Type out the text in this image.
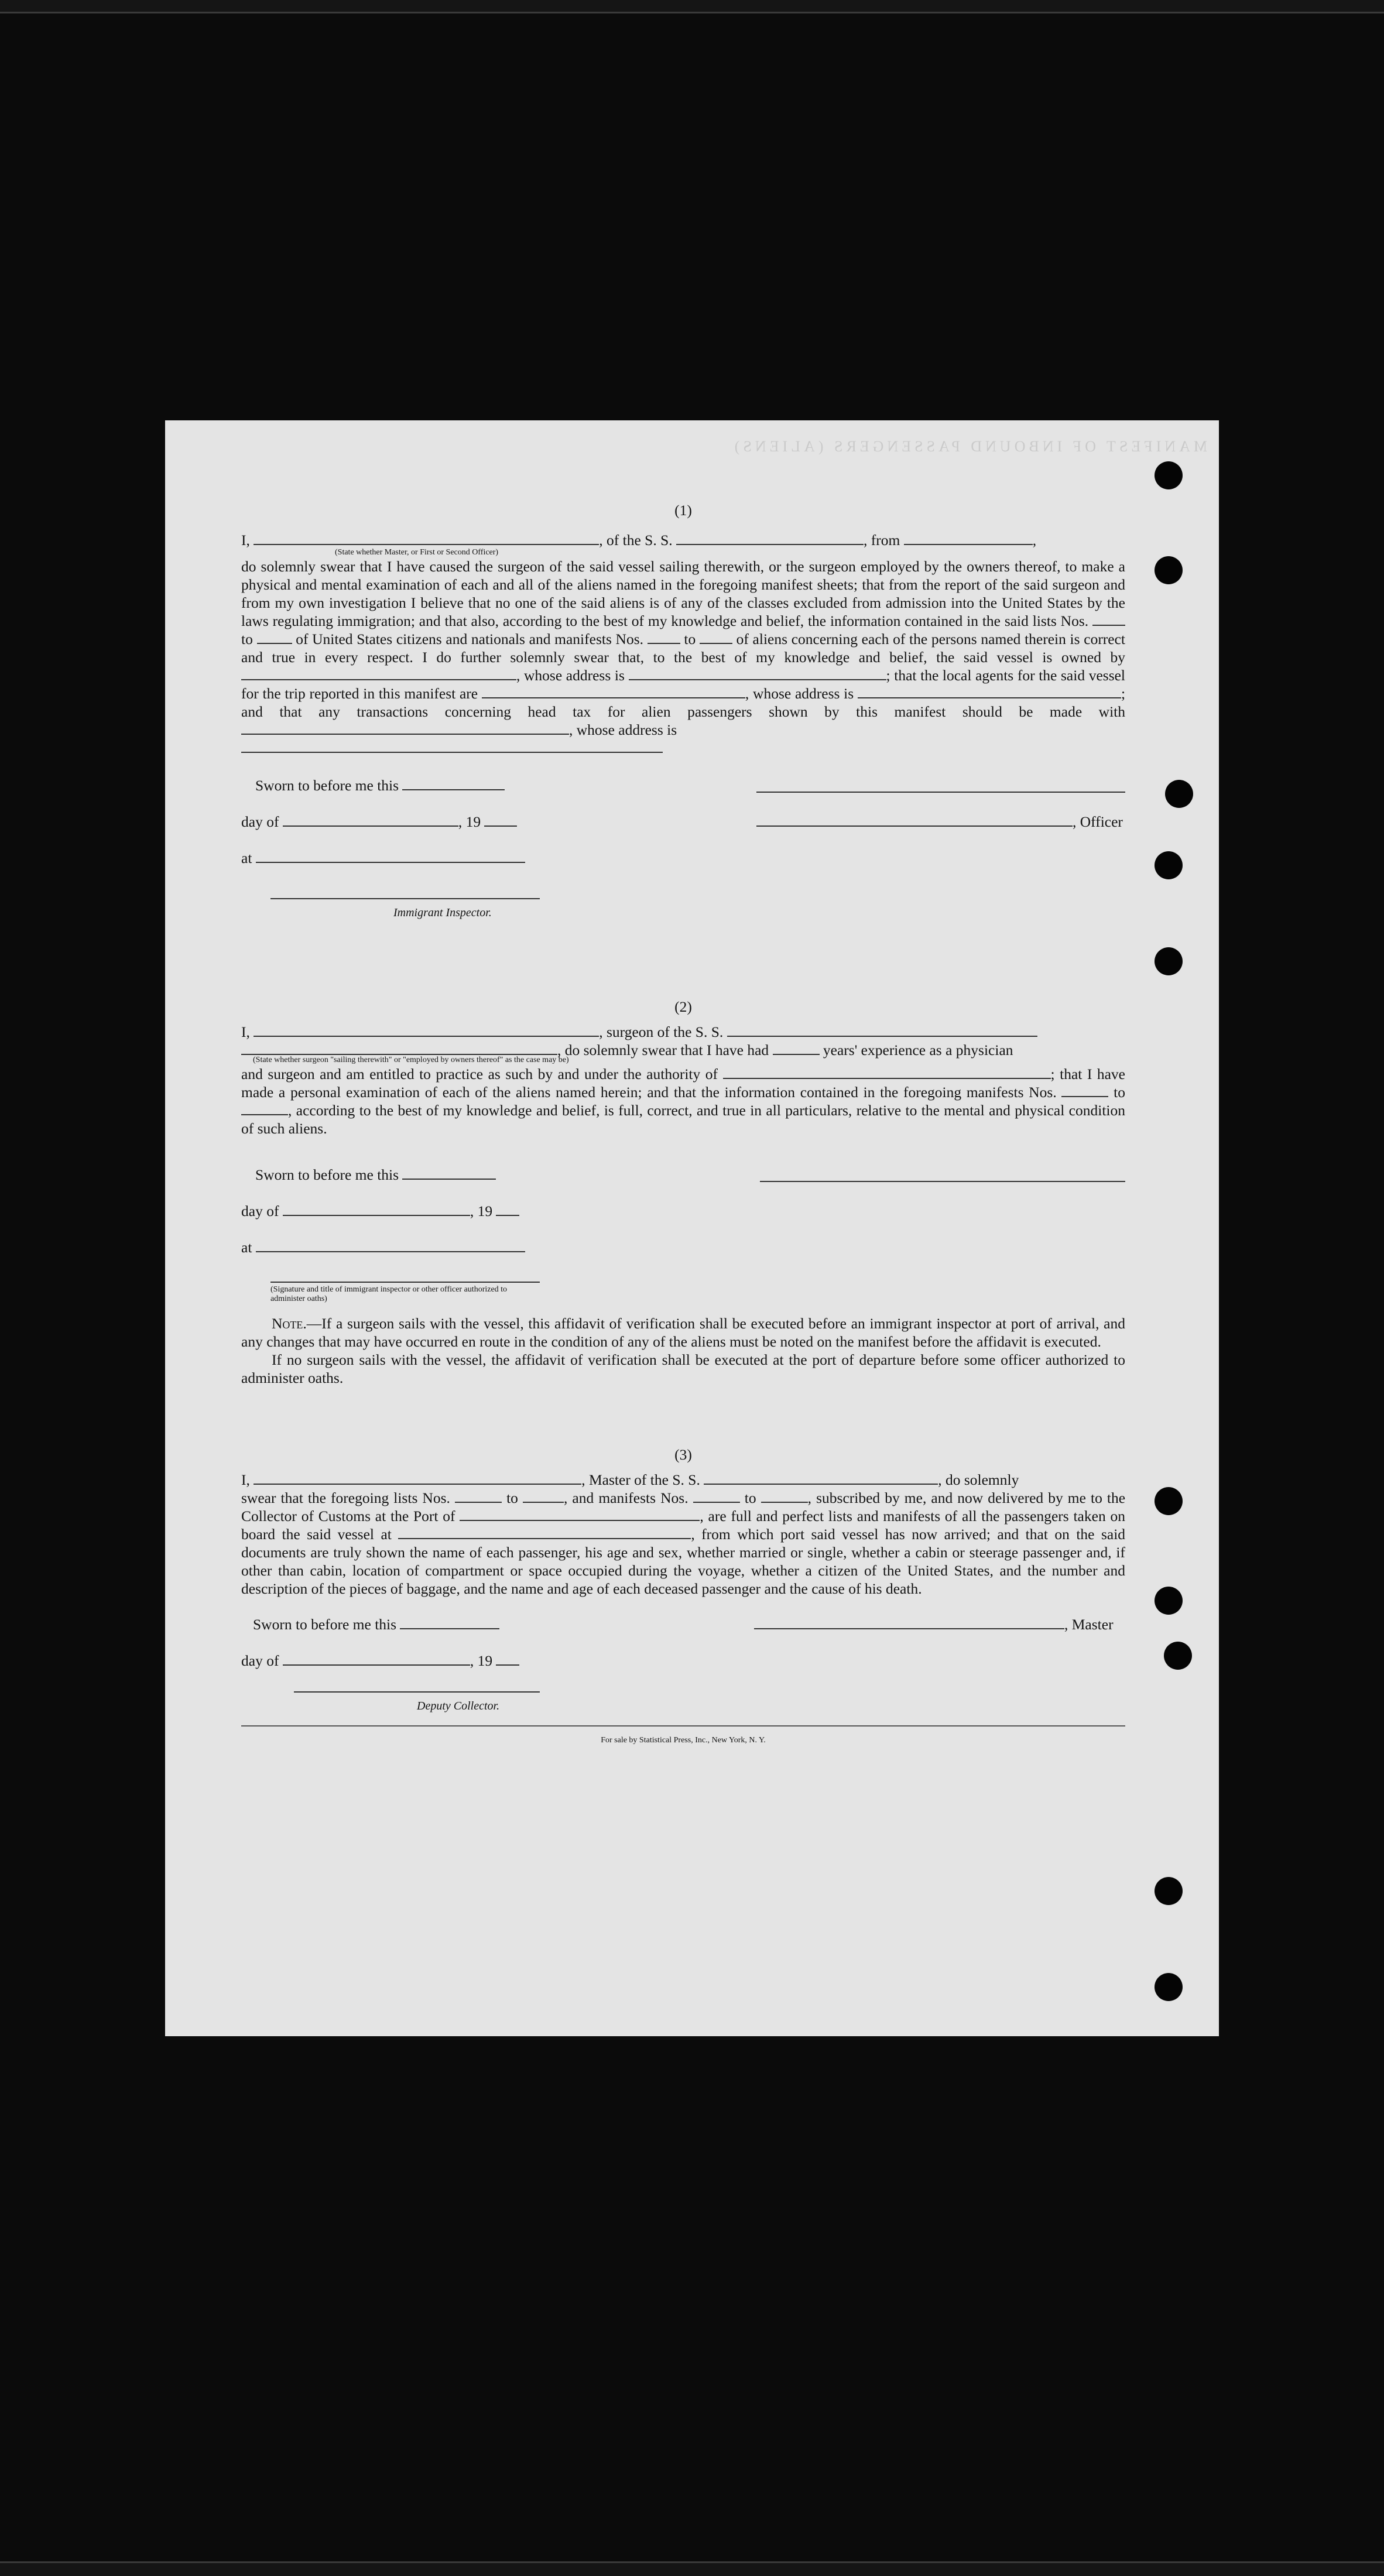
MANIFEST OF INBOUND PASSENGERS (ALIENS)
(1)
I,	, of the S. S.	, from	,
(State whether Master, or First or Second Officer)
do solemnly swear that I have caused the surgeon of the said vessel sailing therewith, or the surgeon employed by the owners thereof, to make a physical and mental examination of each and all of the aliens named in the foregoing manifest sheets; that from the report of the said surgeon and from my own investigation I believe that no one of the said aliens is of any of the classes excluded from admission into the United States by the laws regulating immigration; and that also, according to the best of my knowledge and belief, the information contained in the said lists Nos.  to	of United States citizens and nationals and manifests Nos.	to	of aliens concerning each of the persons named therein is correct and true in every respect. I do further solemnly swear that, to the best of my knowledge and belief, the said vessel is owned by , whose address is	; that the local agents for the said vessel for the trip reported in this manifest are	, whose address is	; and that any transactions concerning head tax for alien passengers shown by this manifest should be made with , whose address is
Sworn to before me this
day of	, 19
at
Immigrant Inspector.
, Officer
(2)
I,	, surgeon of the S. S.
, do solemnly swear that I have had	years' experience as a physician
(State whether surgeon "sailing therewith" or "employed by owners thereof" as the case may be)
and surgeon and am entitled to practice as such by and under the authority of	; that I have made a personal examination of each of the aliens named herein; and that the information contained in the foregoing manifests Nos.	to , according to the best of my knowledge and belief, is full, correct, and true in all particulars, relative to the mental and physical condition of such aliens.
Sworn to before me this
day of	, 19
at
(Signature and title of immigrant inspector or other officer authorized to administer oaths)
Note.—If a surgeon sails with the vessel, this affidavit of verification shall be executed before an immigrant inspector at port of arrival, and any changes that may have occurred en route in the condition of any of the aliens must be noted on the manifest before the affidavit is executed.
If no surgeon sails with the vessel, the affidavit of verification shall be executed at the port of departure before some officer authorized to administer oaths.
(3)
I,	, Master of the S. S.	, do solemnly
swear that the foregoing lists Nos.	to	, and manifests Nos.	to	, subscribed by me, and now delivered by me to the Collector of Customs at the Port of	, are full and perfect lists and manifests of all the passengers taken on board the said vessel at	, from which port said vessel has now arrived; and that on the said documents are truly shown the name of each passenger, his age and sex, whether married or single, whether a cabin or steerage passenger and, if other than cabin, location of compartment or space occupied during the voyage, whether a citizen of the United States, and the number and description of the pieces of baggage, and the name and age of each deceased passenger and the cause of his death.
Sworn to before me this	, Master
day of	, 19
Deputy Collector.
For sale by Statistical Press, Inc., New York, N. Y.
